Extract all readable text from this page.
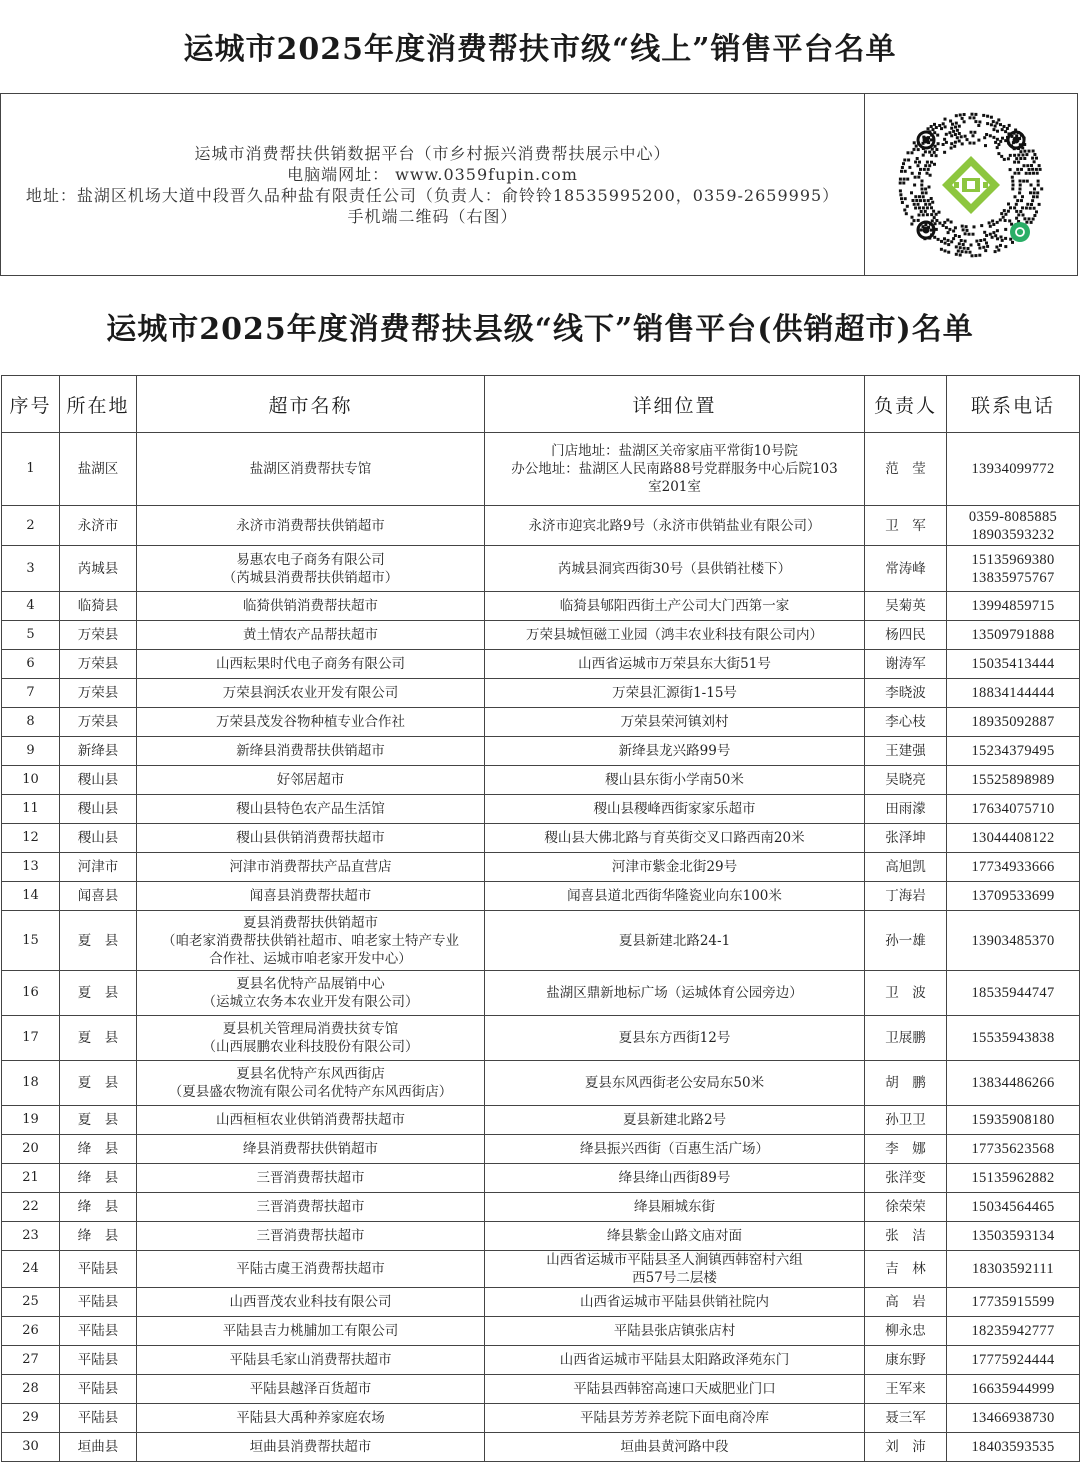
运城市2025年度消费帮扶市级“线上”销售平台名单
运城市消费帮扶供销数据平台（市乡村振兴消费帮扶展示中心）
电脑端网址： www.0359fupin.com
地址：盐湖区机场大道中段晋久品种盐有限责任公司（负责人：俞铃铃18535995200，0359-2659995）
手机端二维码（右图）
运城市2025年度消费帮扶县级“线下”销售平台(供销超市)名单
序号	所在地	超市名称	详细位置	负责人	联系电话
1	盐湖区	盐湖区消费帮扶专馆	门店地址：盐湖区关帝家庙平常街10号院
办公地址：盐湖区人民南路88号党群服务中心后院103
室201室	范　莹	13934099772

2	永济市	永济市消费帮扶供销超市	永济市迎宾北路9号（永济市供销盐业有限公司）	卫　军	0359-8085885
18903593232

3	芮城县	易惠农电子商务有限公司
（芮城县消费帮扶供销超市）	芮城县洞宾西街30号（县供销社楼下）	常涛峰	15135969380
13835975767

4	临猗县	临猗供销消费帮扶超市	临猗县郇阳西街土产公司大门西第一家	吴菊英	13994859715

5	万荣县	黄土情农产品帮扶超市	万荣县城恒磁工业园（鸿丰农业科技有限公司内）	杨四民	13509791888

6	万荣县	山西耘果时代电子商务有限公司	山西省运城市万荣县东大街51号	谢涛军	15035413444

7	万荣县	万荣县润沃农业开发有限公司	万荣县汇源街1-15号	李晓波	18834144444

8	万荣县	万荣县茂发谷物种植专业合作社	万荣县荣河镇刘村	李心枝	18935092887

9	新绛县	新绛县消费帮扶供销超市	新绛县龙兴路99号	王建强	15234379495

10	稷山县	好邻居超市	稷山县东街小学南50米	吴晓亮	15525898989

11	稷山县	稷山县特色农产品生活馆	稷山县稷峰西街家家乐超市	田雨濛	17634075710

12	稷山县	稷山县供销消费帮扶超市	稷山县大佛北路与育英街交叉口路西南20米	张泽坤	13044408122

13	河津市	河津市消费帮扶产品直营店	河津市紫金北街29号	高旭凯	17734933666

14	闻喜县	闻喜县消费帮扶超市	闻喜县道北西街华隆瓷业向东100米	丁海岩	13709533699

15	夏　县	夏县消费帮扶供销超市
（咱老家消费帮扶供销社超市、咱老家土特产专业
合作社、运城市咱老家开发中心）	夏县新建北路24-1	孙一雄	13903485370

16	夏　县	夏县名优特产品展销中心
（运城立农务本农业开发有限公司）	盐湖区鼎新地标广场（运城体育公园旁边）	卫　波	18535944747

17	夏　县	夏县机关管理局消费扶贫专馆
（山西展鹏农业科技股份有限公司）	夏县东方西街12号	卫展鹏	15535943838

18	夏　县	夏县名优特产东风西街店
（夏县盛农物流有限公司名优特产东风西街店）	夏县东风西街老公安局东50米	胡　鹏	13834486266

19	夏　县	山西桓桓农业供销消费帮扶超市	夏县新建北路2号	孙卫卫	15935908180

20	绛　县	绛县消费帮扶供销超市	绛县振兴西街（百惠生活广场）	李　娜	17735623568

21	绛　县	三晋消费帮扶超市	绛县绛山西街89号	张洋变	15135962882

22	绛　县	三晋消费帮扶超市	绛县厢城东街	徐荣荣	15034564465

23	绛　县	三晋消费帮扶超市	绛县紫金山路文庙对面	张　洁	13503593134

24	平陆县	平陆古虞王消费帮扶超市	山西省运城市平陆县圣人涧镇西韩窑村六组
西57号二层楼	吉　林	18303592111

25	平陆县	山西晋茂农业科技有限公司	山西省运城市平陆县供销社院内	高　岩	17735915599

26	平陆县	平陆县吉力桃脯加工有限公司	平陆县张店镇张店村	柳永忠	18235942777

27	平陆县	平陆县毛家山消费帮扶超市	山西省运城市平陆县太阳路政泽苑东门	康东野	17775924444

28	平陆县	平陆县越泽百货超市	平陆县西韩窑高速口天威肥业门口	王军来	16635944999

29	平陆县	平陆县大禹种养家庭农场	平陆县芳芳养老院下面电商冷库	聂三军	13466938730

30	垣曲县	垣曲县消费帮扶超市	垣曲县黄河路中段	刘　沛	18403593535
